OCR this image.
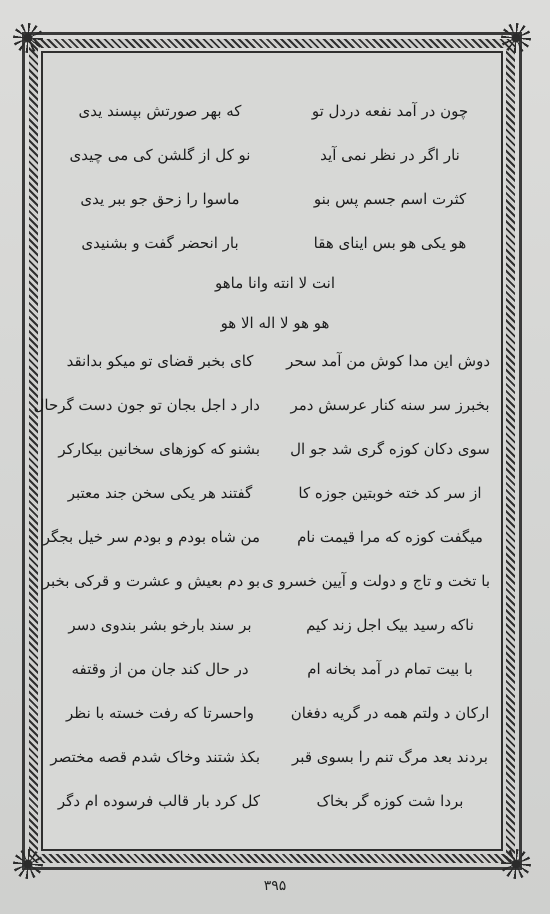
چون در آمد نفعه دردل تو
که بهر صورتش بپسند یدی
نار اگر در نظر نمی آید
نو کل از گلشن کی می چیدی
کثرت اسم جسم پس بنو
ماسوا را زحق جو ببر یدی
هو یکی هو بس اینای هقا
بار انحضر گفت و بشنیدی
انت لا انته وانا ماهو
هو هو لا اله الا هو
دوش این مدا کوش من آمد سحر
کای بخبر قضای تو میکو بدانقد
بخبرز سر سنه کنار عرسش دمر
دار د اجل بجان تو جون دست گرحال
سوی دکان کوزه گری شد جو ال
بشنو که کوزهای سخانین بیکارکر
از سر کد خته خوبتین جوزه کا
گفتند هر یکی سخن جند معتبر
میگفت کوزه که مرا قیمت نام
من شاه بودم و بودم سر خیل بجگر
با تخت و تاج و دولت و آیین خسرو ی
بو دم بعیش و عشرت و قرکی بخبر
ناکه رسید بیک اجل زند کیم
بر سند بارخو بشر بندوی دسر
با بیت تمام در آمد بخانه ام
در حال کند جان من از وقتفه
ارکان د ولتم همه در گریه دفغان
واحسرتا که رفت خسته با نظر
بردند بعد مرگ تنم را بسوی قبر
بکذ شتند وخاک شدم قصه مختصر
بردا شت کوزه گر بخاک
کل کرد بار قالب فرسوده ام دگر
۳۹۵
